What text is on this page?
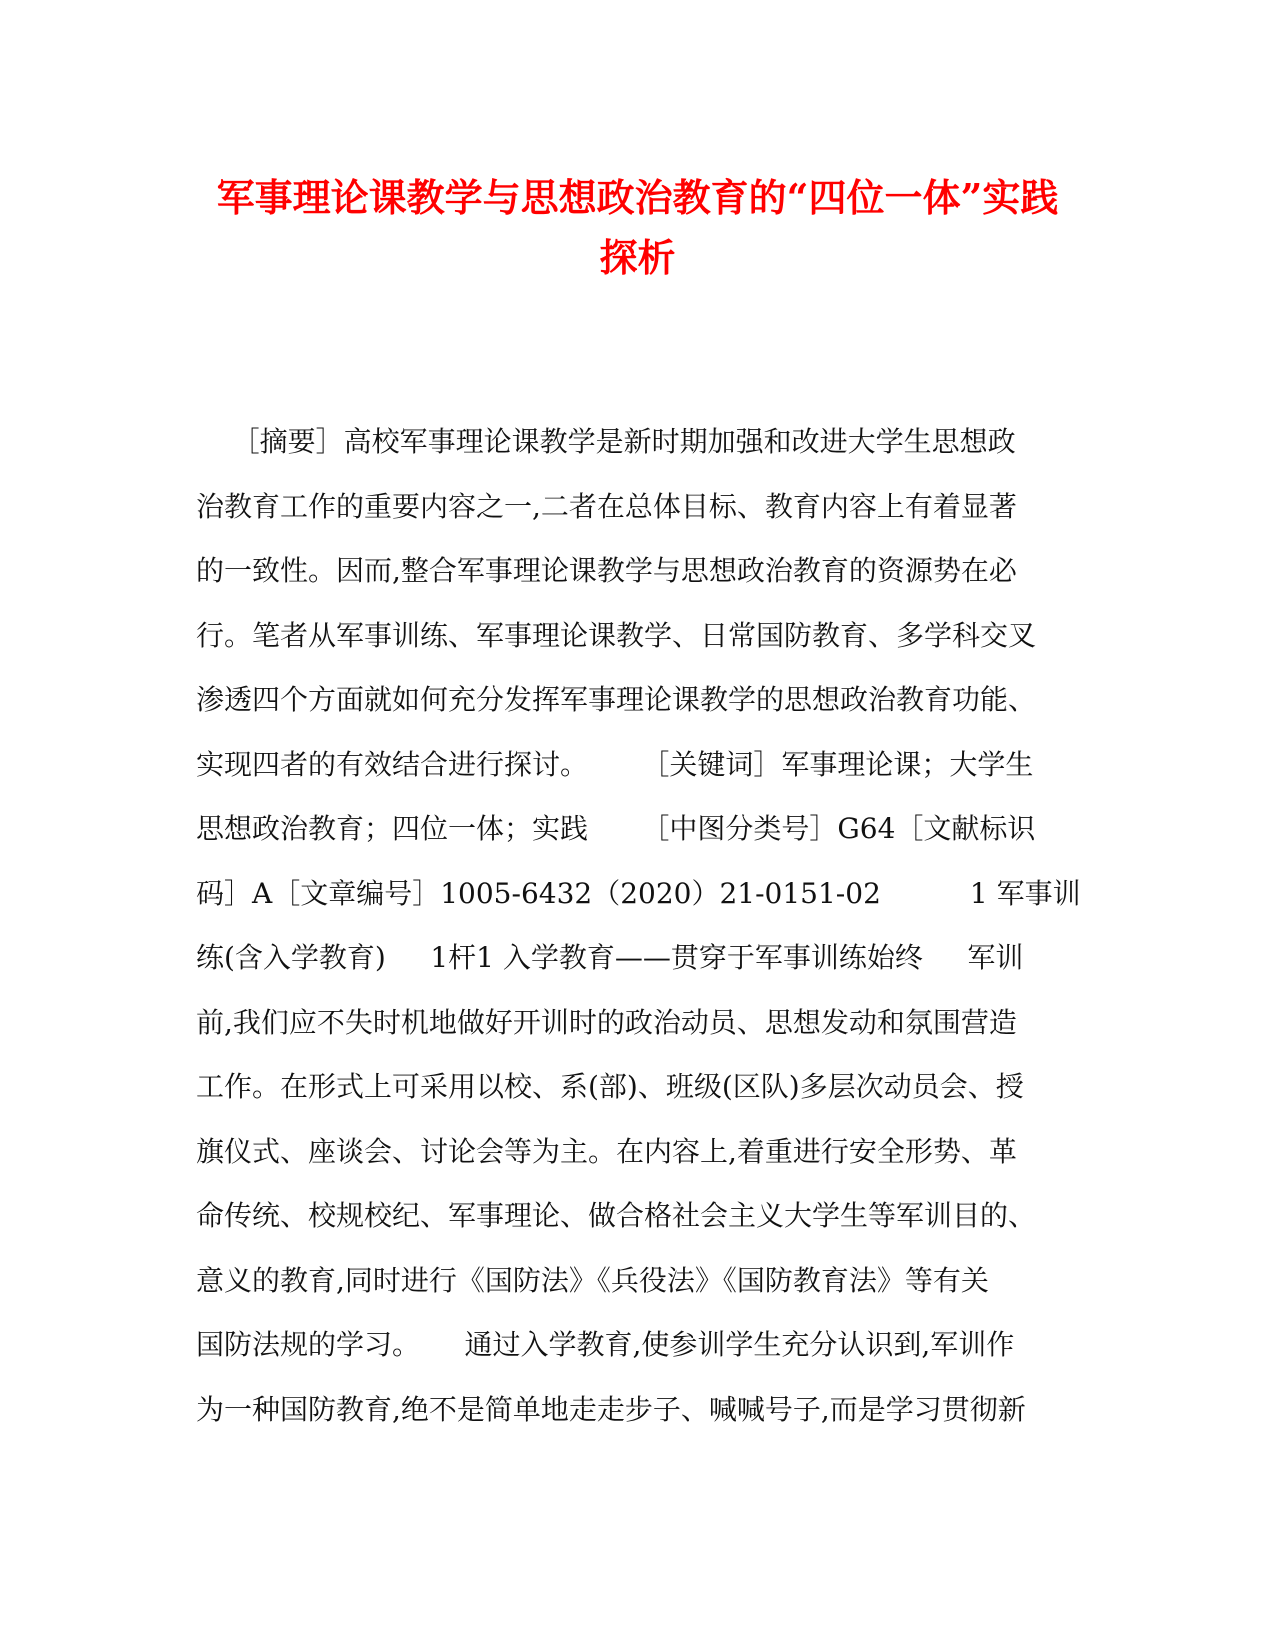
军事理论课教学与思想政治教育的“四位一体”实践
探析
［摘要］高校军事理论课教学是新时期加强和改进大学生思想政
治教育工作的重要内容之一,二者在总体目标、教育内容上有着显著
的一致性。因而,整合军事理论课教学与思想政治教育的资源势在必
行。笔者从军事训练、军事理论课教学、日常国防教育、多学科交叉
渗透四个方面就如何充分发挥军事理论课教学的思想政治教育功能、
实现四者的有效结合进行探讨。      ［关键词］军事理论课；大学生
思想政治教育；四位一体；实践      ［中图分类号］G64［文献标识
码］A［文章编号］1005-6432（2020）21-0151-02          1 军事训
练(含入学教育)     1杆1 入学教育——贯穿于军事训练始终     军训
前,我们应不失时机地做好开训时的政治动员、思想发动和氛围营造
工作。在形式上可采用以校、系(部)、班级(区队)多层次动员会、授
旗仪式、座谈会、讨论会等为主。在内容上,着重进行安全形势、革
命传统、校规校纪、军事理论、做合格社会主义大学生等军训目的、
意义的教育,同时进行《国防法》《兵役法》《国防教育法》等有关
国防法规的学习。     通过入学教育,使参训学生充分认识到,军训作
为一种国防教育,绝不是简单地走走步子、喊喊号子,而是学习贯彻新
